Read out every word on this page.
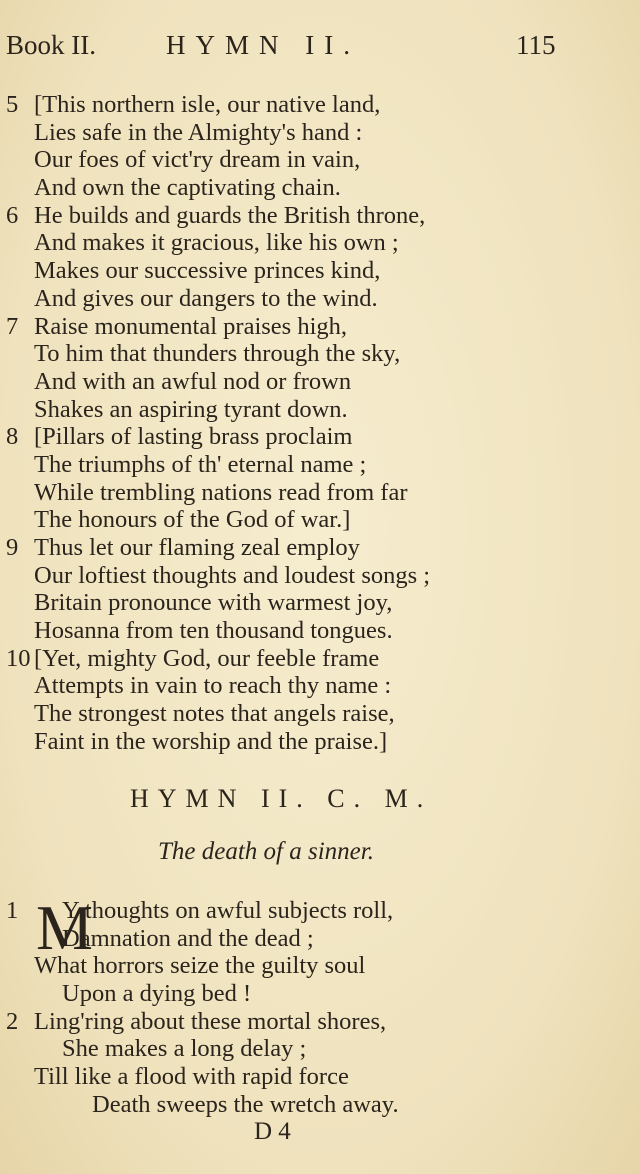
Book II.	HYMN II.	115
5 [This northern isle, our native land,
Lies safe in the Almighty's hand :
Our foes of vict'ry dream in vain,
And own the captivating chain.
6 He builds and guards the British throne,
And makes it gracious, like his own ;
Makes our successive princes kind,
And gives our dangers to the wind.
7 Raise monumental praises high,
To him that thunders through the sky,
And with an awful nod or frown
Shakes an aspiring tyrant down.
8 [Pillars of lasting brass proclaim
The triumphs of th' eternal name ;
While trembling nations read from far
The honours of the God of war.]
9 Thus let our flaming zeal employ
Our loftiest thoughts and loudest songs ;
Britain pronounce with warmest joy,
Hosanna from ten thousand tongues.
10 [Yet, mighty God, our feeble frame
Attempts in vain to reach thy name :
The strongest notes that angels raise,
Faint in the worship and the praise.]
HYMN II. C. M.
The death of a sinner.
M
1 Y thoughts on awful subjects roll,
Damnation and the dead ;
What horrors seize the guilty soul
Upon a dying bed !
2 Ling'ring about these mortal shores,
She makes a long delay ;
Till like a flood with rapid force
Death sweeps the wretch away.
D 4
